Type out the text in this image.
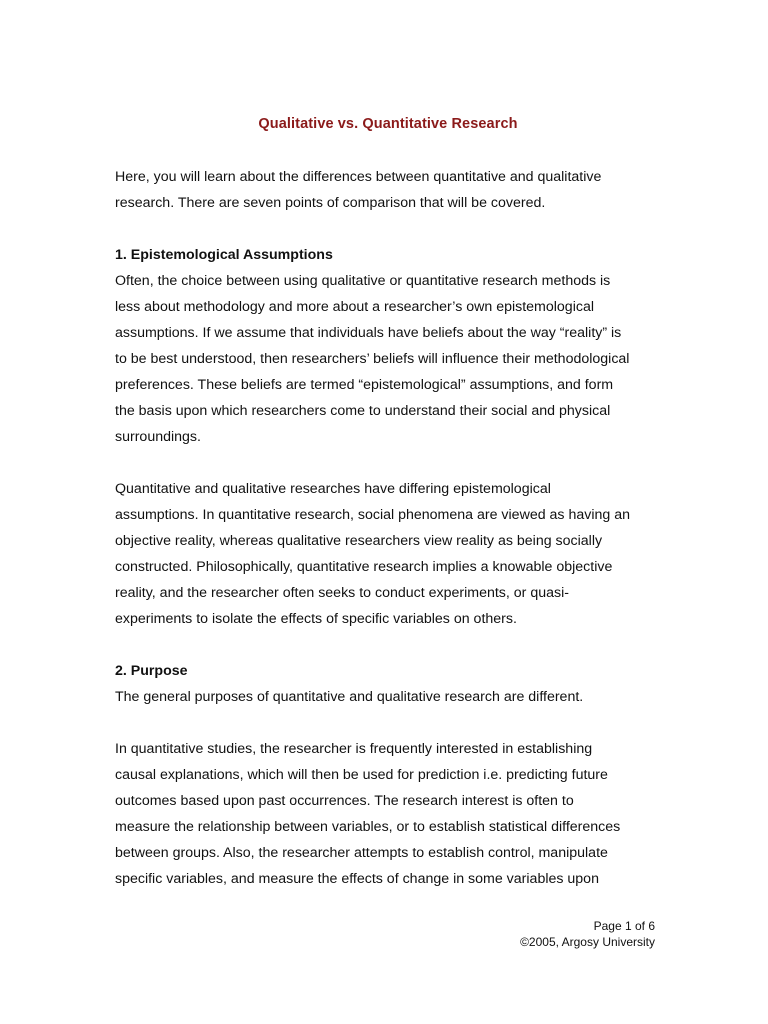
Qualitative vs. Quantitative Research

Here, you will learn about the differences between quantitative and qualitative
research. There are seven points of comparison that will be covered.

1. Epistemological Assumptions

Often, the choice between using qualitative or quantitative research methods is
less about methodology and more about a researcher’s own epistemological
assumptions. If we assume that individuals have beliefs about the way “reality” is
to be best understood, then researchers’ beliefs will influence their methodological
preferences. These beliefs are termed “epistemological” assumptions, and form
the basis upon which researchers come to understand their social and physical
surroundings.

Quantitative and qualitative researches have differing epistemological
assumptions. In quantitative research, social phenomena are viewed as having an
objective reality, whereas qualitative researchers view reality as being socially
constructed. Philosophically, quantitative research implies a knowable objective
reality, and the researcher often seeks to conduct experiments, or quasi-
experiments to isolate the effects of specific variables on others.

2. Purpose

The general purposes of quantitative and qualitative research are different.

In quantitative studies, the researcher is frequently interested in establishing
causal explanations, which will then be used for prediction i.e. predicting future
outcomes based upon past occurrences. The research interest is often to
measure the relationship between variables, or to establish statistical differences
between groups. Also, the researcher attempts to establish control, manipulate
specific variables, and measure the effects of change in some variables upon

Page 1 of 6
©2005, Argosy University
